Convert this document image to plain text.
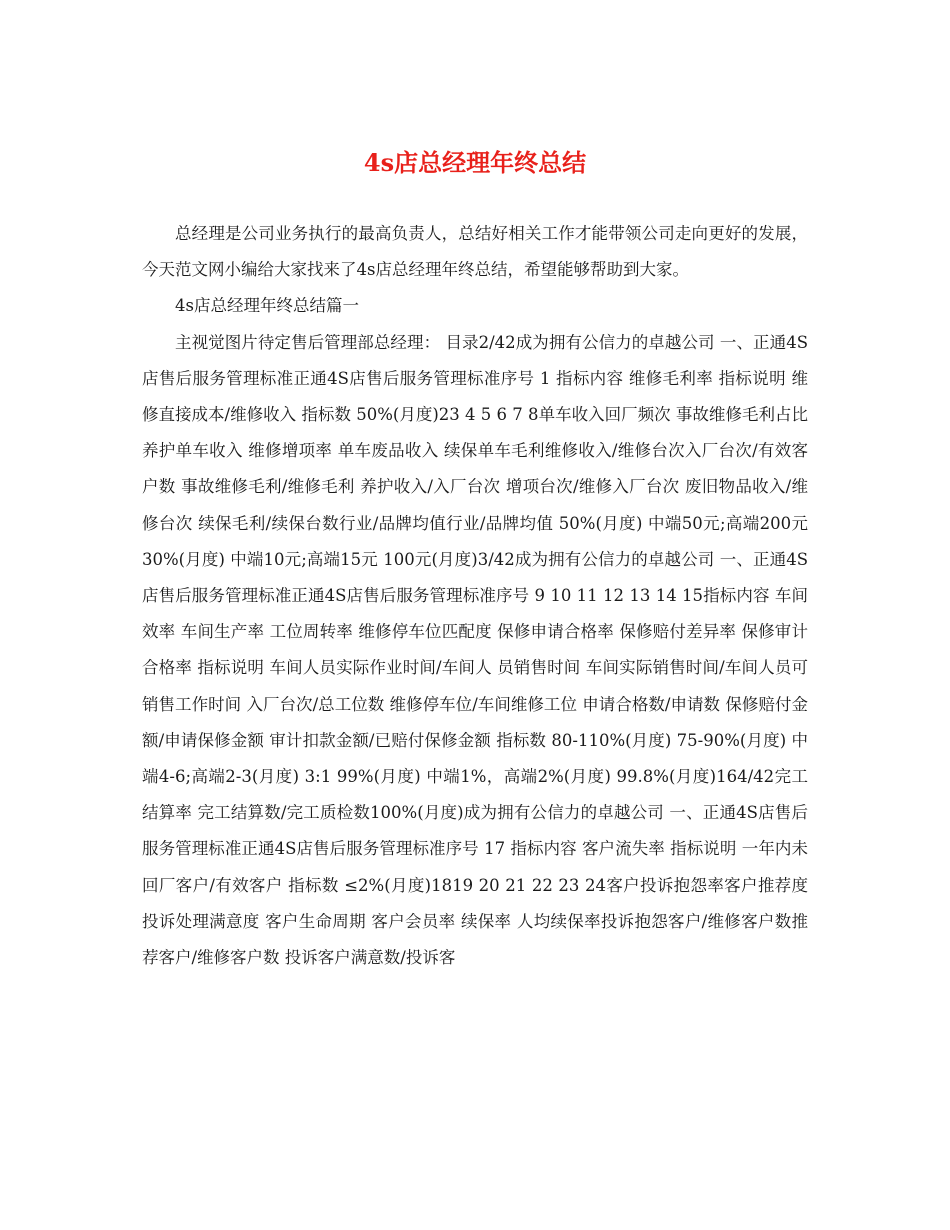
4s店总经理年终总结

总经理是公司业务执行的最高负责人，总结好相关工作才能带领公司走向更好的发展，今天范文网小编给大家找来了4s店总经理年终总结，希望能够帮助到大家。

4s店总经理年终总结篇一

主视觉图片待定售后管理部总经理： 目录2/42成为拥有公信力的卓越公司 一、正通4S店售后服务管理标准正通4S店售后服务管理标准序号 1 指标内容 维修毛利率 指标说明 维修直接成本/维修收入 指标数 50%(月度)23 4 5 6 7 8单车收入回厂频次 事故维修毛利占比 养护单车收入 维修增项率 单车废品收入 续保单车毛利维修收入/维修台次入厂台次/有效客户数 事故维修毛利/维修毛利 养护收入/入厂台次 增项台次/维修入厂台次 废旧物品收入/维修台次 续保毛利/续保台数行业/品牌均值行业/品牌均值 50%(月度) 中端50元;高端200元 30%(月度) 中端10元;高端15元 100元(月度)3/42成为拥有公信力的卓越公司 一、正通4S店售后服务管理标准正通4S店售后服务管理标准序号 9 10 11 12 13 14 15指标内容 车间效率 车间生产率 工位周转率 维修停车位匹配度 保修申请合格率 保修赔付差异率 保修审计合格率 指标说明 车间人员实际作业时间/车间人 员销售时间 车间实际销售时间/车间人员可 销售工作时间 入厂台次/总工位数 维修停车位/车间维修工位 申请合格数/申请数 保修赔付金额/申请保修金额 审计扣款金额/已赔付保修金额 指标数 80-110%(月度) 75-90%(月度) 中端4-6;高端2-3(月度) 3:1 99%(月度) 中端1%，高端2%(月度) 99.8%(月度)164/42完工结算率 完工结算数/完工质检数100%(月度)成为拥有公信力的卓越公司 一、正通4S店售后服务管理标准正通4S店售后服务管理标准序号 17 指标内容 客户流失率 指标说明 一年内未回厂客户/有效客户 指标数 ≤2%(月度)1819 20 21 22 23 24客户投诉抱怨率客户推荐度 投诉处理满意度 客户生命周期 客户会员率 续保率 人均续保率投诉抱怨客户/维修客户数推荐客户/维修客户数 投诉客户满意数/投诉客
